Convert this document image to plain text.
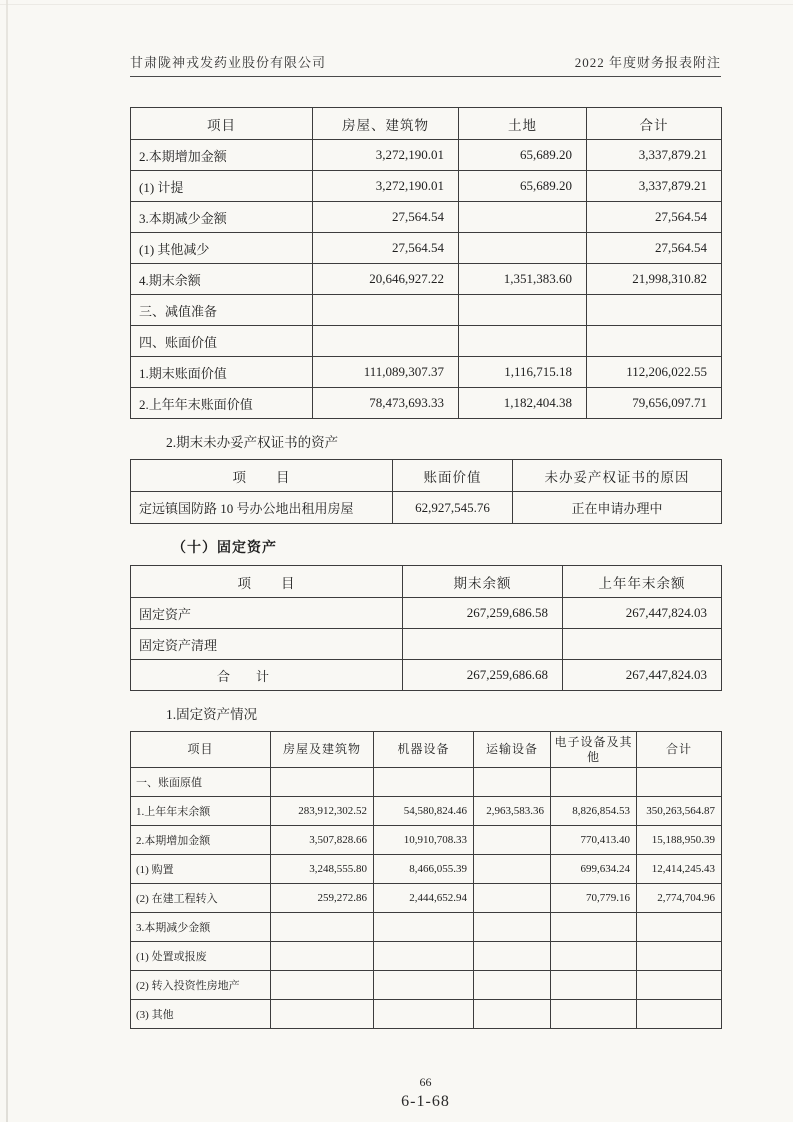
甘肃陇神戎发药业股份有限公司	2022 年度财务报表附注
项目	房屋、建筑物	土地	合计
2.本期增加金额	3,272,190.01	65,689.20	3,337,879.21
(1) 计提	3,272,190.01	65,689.20	3,337,879.21
3.本期减少金额	27,564.54		27,564.54
(1) 其他减少	27,564.54		27,564.54
4.期末余额	20,646,927.22	1,351,383.60	21,998,310.82
三、减值准备			
四、账面价值			
1.期末账面价值	111,089,307.37	1,116,715.18	112,206,022.55
2.上年年末账面价值	78,473,693.33	1,182,404.38	79,656,097.71
2.期末未办妥产权证书的资产
项　　目	账面价值	未办妥产权证书的原因
定远镇国防路 10 号办公地出租用房屋	62,927,545.76	正在申请办理中
（十）固定资产
项　　目	期末余额	上年年末余额
固定资产	267,259,686.58	267,447,824.03
固定资产清理		
　　　　　　合　　计	267,259,686.68	267,447,824.03
1.固定资产情况
项目	房屋及建筑物	机器设备	运输设备	电子设备及其他	合计
一、账面原值					
1.上年年末余额	283,912,302.52	54,580,824.46	2,963,583.36	8,826,854.53	350,263,564.87
2.本期增加金额	3,507,828.66	10,910,708.33		770,413.40	15,188,950.39
(1) 购置	3,248,555.80	8,466,055.39		699,634.24	12,414,245.43
(2) 在建工程转入	259,272.86	2,444,652.94		70,779.16	2,774,704.96
3.本期减少金额					
(1) 处置或报废					
(2) 转入投资性房地产					
(3) 其他					
66
6-1-68
